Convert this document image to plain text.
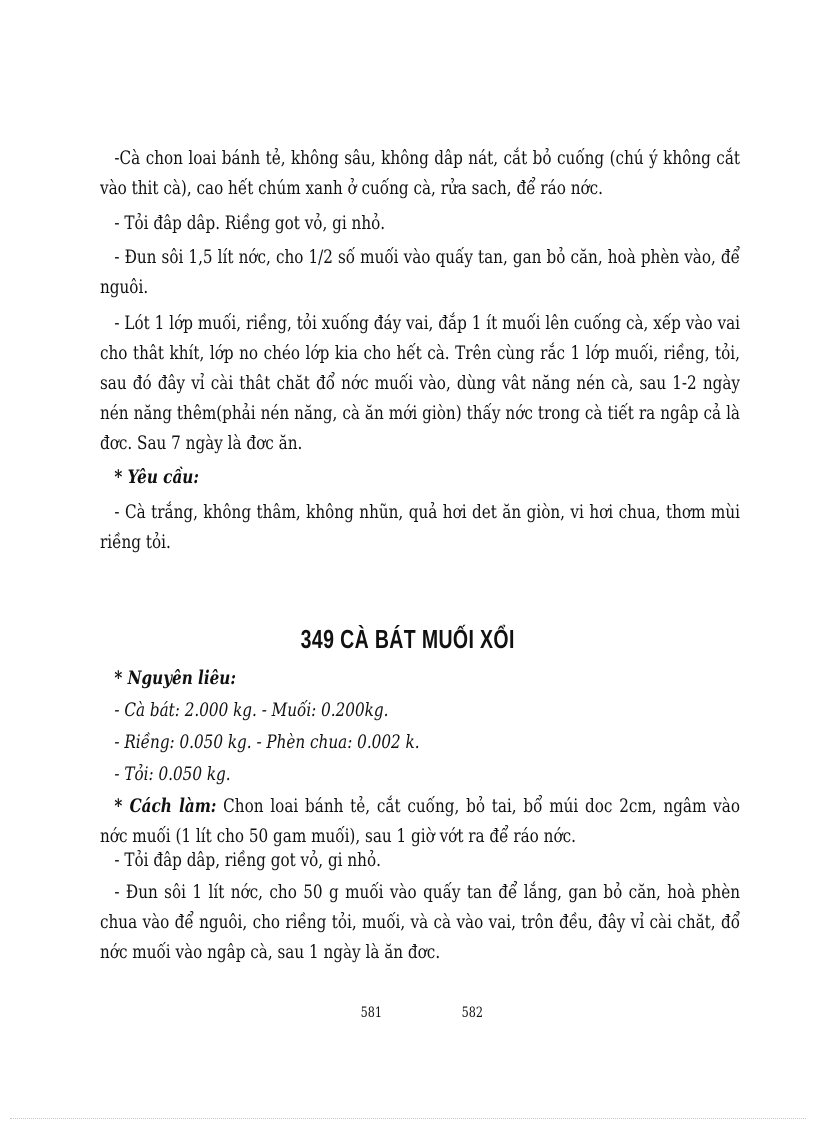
-Cà chon loai bánh tẻ, không sâu, không dâp nát, cắt bỏ cuống (chú ý không cắt vào thit cà), cao hết chúm xanh ở cuống cà, rửa sach, để ráo nớc.

- Tỏi đâp dâp. Riềng got vỏ, gi nhỏ.

- Đun sôi 1,5 lít nớc, cho 1/2 số muối vào quấy tan, gan bỏ căn, hoà phèn vào, để nguôi.

- Lót 1 lớp muối, riềng, tỏi xuống đáy vai, đắp 1 ít muối lên cuống cà, xếp vào vai cho thât khít, lớp no chéo lớp kia cho hết cà. Trên cùng rắc 1 lớp muối, riềng, tỏi, sau đó đây vỉ cài thât chăt đổ nớc muối vào, dùng vât năng nén cà, sau 1-2 ngày nén năng thêm(phải nén năng, cà ăn mới giòn) thấy nớc trong cà tiết ra ngâp cả là đơc. Sau 7 ngày là đơc ăn.

* Yêu cầu:

- Cà trắng, không thâm, không nhũn, quả hơi det ăn giòn, vi hơi chua, thơm mùi riềng tỏi.

349 CÀ BÁT MUỐI XỔI

* Nguyên liêu:

- Cà bát: 2.000 kg. - Muối: 0.200kg.

- Riềng: 0.050 kg. - Phèn chua: 0.002 k.

- Tỏi: 0.050 kg.

* Cách làm: Chon loai bánh tẻ, cắt cuống, bỏ tai, bổ múi doc 2cm, ngâm vào nớc muối (1 lít cho 50 gam muối), sau 1 giờ vớt ra để ráo nớc.

- Tỏi đâp dâp, riềng got vỏ, gi nhỏ.

- Đun sôi 1 lít nớc, cho 50 g muối vào quấy tan để lắng, gan bỏ căn, hoà phèn chua vào để nguôi, cho riềng tỏi, muối, và cà vào vai, trôn đều, đây vỉ cài chăt, đổ nớc muối vào ngâp cà, sau 1 ngày là ăn đơc.

581	582
